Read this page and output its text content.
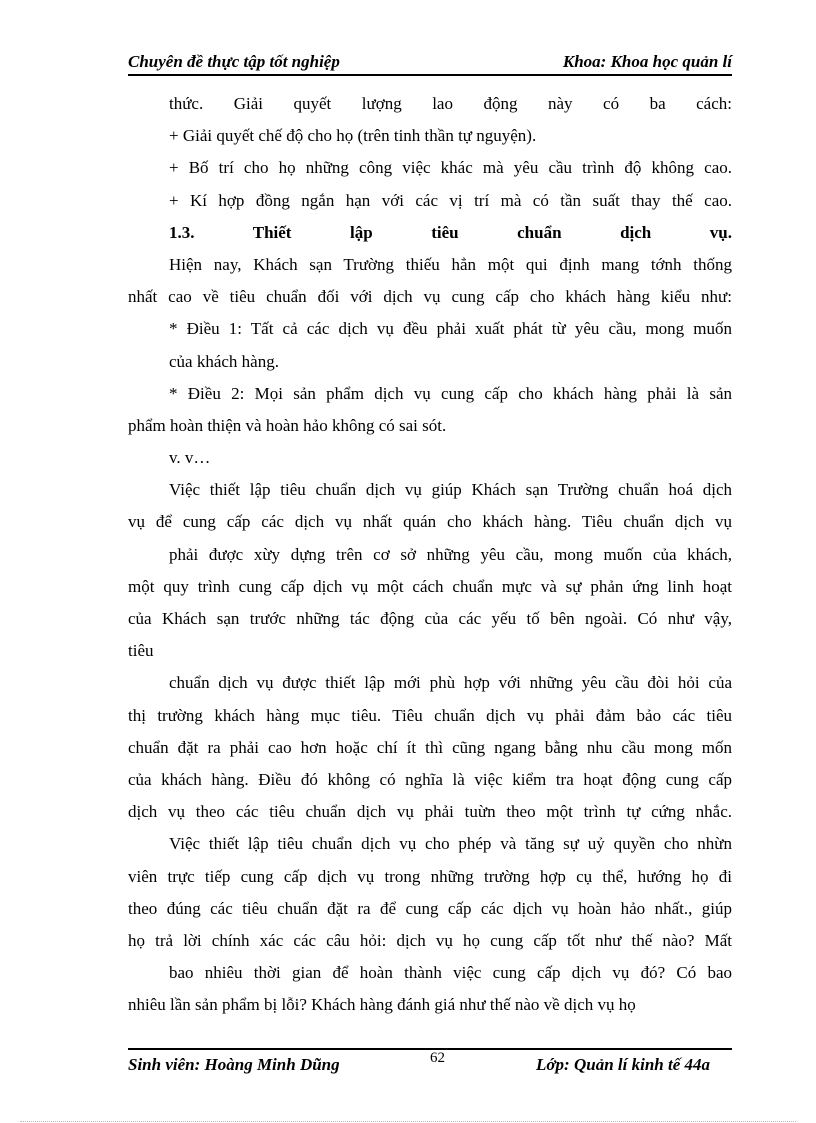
Chuyên đề thực tập tốt nghiệp	Khoa: Khoa học quản lí
thức. Giải quyết lượng lao động này có ba cách:
+ Giải quyết chế độ cho họ (trên tinh thần tự nguyện).
+ Bố trí cho họ những công việc khác mà yêu cầu trình độ không cao.
+ Kí hợp đồng ngắn hạn với các vị trí mà có tần suất thay thế cao.
1.3. Thiết lập tiêu chuẩn dịch vụ.
Hiện nay, Khách sạn Trường thiếu hẳn một qui định mang tớnh thống
nhất cao về tiêu chuẩn đối với dịch vụ cung cấp cho khách hàng kiểu như:
* Điều 1: Tất cả các dịch vụ đều phải xuất phát từ yêu cầu, mong muốn
của khách hàng.
* Điều 2: Mọi sản phẩm dịch vụ cung cấp cho khách hàng phải là sản
phẩm hoàn thiện và hoàn hảo không có sai sót.
v. v…
Việc thiết lập tiêu chuẩn dịch vụ giúp Khách sạn Trường chuẩn hoá dịch
vụ để cung cấp các dịch vụ nhất quán cho khách hàng. Tiêu chuẩn dịch vụ
phải được xừy dựng trên cơ sở những yêu cầu, mong muốn của khách,
một quy trình cung cấp dịch vụ một cách chuẩn mực và sự phản ứng linh hoạt
của Khách sạn trước những tác động của các yếu tố bên ngoài. Có như vậy,
tiêu
chuẩn dịch vụ được thiết lập mới phù hợp với những yêu cầu đòi hỏi của
thị trường khách hàng mục tiêu. Tiêu chuẩn dịch vụ phải đảm bảo các tiêu
chuẩn đặt ra phải cao hơn hoặc chí ít thì cũng ngang bằng nhu cầu mong mốn
của khách hàng. Điều đó không có nghĩa là việc kiểm tra hoạt động cung cấp
dịch vụ theo các tiêu chuẩn dịch vụ phải tuừn theo một trình tự cứng nhắc.
Việc thiết lập tiêu chuẩn dịch vụ cho phép và tăng sự uỷ quyền cho nhừn
viên trực tiếp cung cấp dịch vụ trong những trường hợp cụ thể, hướng họ đi
theo đúng các tiêu chuẩn đặt ra để cung cấp các dịch vụ hoàn hảo nhất., giúp
họ trả lời chính xác các câu hỏi: dịch vụ họ cung cấp tốt như thế nào? Mất
bao nhiêu thời gian để hoàn thành việc cung cấp dịch vụ đó? Có bao
nhiêu lần sản phẩm bị lỗi? Khách hàng đánh giá như thế nào về dịch vụ họ
Sinh viên: Hoàng Minh Dũng	62	Lớp: Quản lí kinh tế 44a
